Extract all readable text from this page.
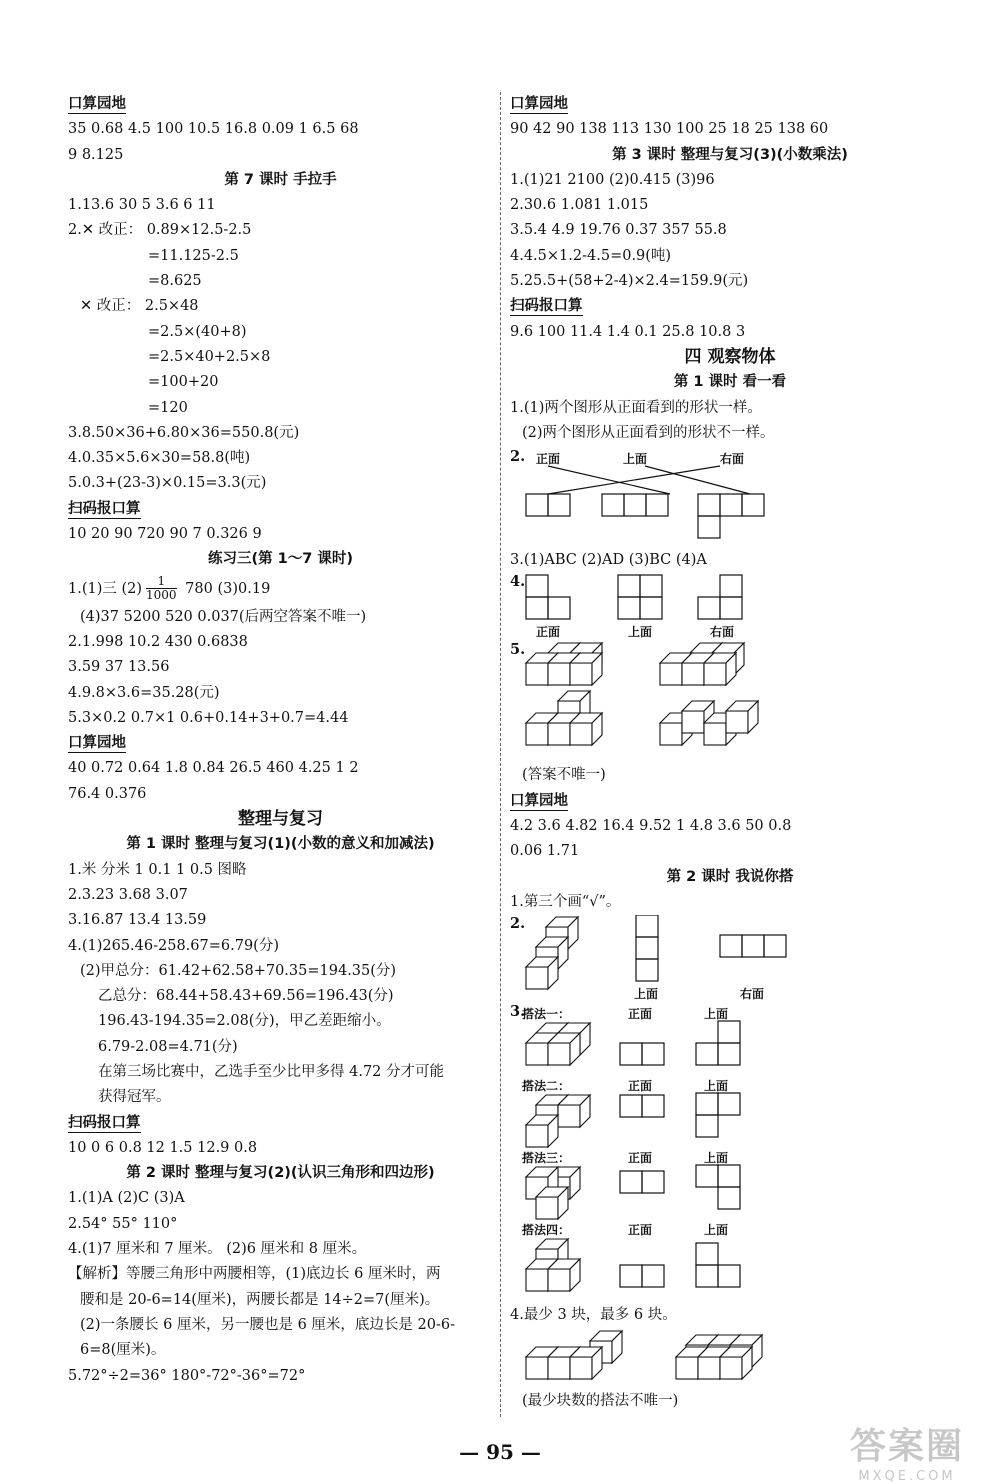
口算园地
35 0.68 4.5 100 10.5 16.8 0.09 1 6.5 68
9 8.125
第 7 课时 手拉手
1.13.6 30 5 3.6 6 11
2.✕ 改正： 0.89×12.5-2.5
=11.125-2.5
=8.625
✕ 改正： 2.5×48
=2.5×(40+8)
=2.5×40+2.5×8
=100+20
=120
3.8.50×36+6.80×36=550.8(元)
4.0.35×5.6×30=58.8(吨)
5.0.3+(23-3)×0.15=3.3(元)
扫码报口算
10 20 90 720 90 7 0.326 9
练习三(第 1～7 课时)
1.(1)三 $(2) \frac{1}{1000} 780$ (3)0.19
(4)37 5200 520 0.037(后两空答案不唯一)
2.1.998 10.2 430 0.6838
3.59 37 13.56
4.9.8×3.6=35.28(元)
5.3×0.2 0.7×1 0.6+0.14+3+0.7=4.44
口算园地
40 0.72 0.64 1.8 0.84 26.5 460 4.25 1 2
76.4 0.376
整理与复习
第 1 课时 整理与复习(1)(小数的意义和加减法)
1.米 分米 1 0.1 1 0.5 图略
2.3.23 3.68 3.07
3.16.87 13.4 13.59
4.(1)265.46-258.67=6.79(分)
(2)甲总分：61.42+62.58+70.35=194.35(分)
乙总分：68.44+58.43+69.56=196.43(分)
196.43-194.35=2.08(分)，甲乙差距缩小。
6.79-2.08=4.71(分)
在第三场比赛中，乙选手至少比甲多得 4.72 分才可能
获得冠军。
扫码报口算
10 0 6 0.8 12 1.5 12.9 0.8
第 2 课时 整理与复习(2)(认识三角形和四边形)
1.(1)A (2)C (3)A
2.54° 55° 110°
4.(1)7 厘米和 7 厘米。 (2)6 厘米和 8 厘米。
【解析】等腰三角形中两腰相等，(1)底边长 6 厘米时，两
腰和是 20-6=14(厘米)，两腰长都是 14÷2=7(厘米)。
(2)一条腰长 6 厘米，另一腰也是 6 厘米，底边长是 20-6-
6=8(厘米)。
5.72°÷2=36° 180°-72°-36°=72°
口算园地
90 42 90 138 113 130 100 25 18 25 138 60
第 3 课时 整理与复习(3)(小数乘法)
1.(1)21 2100 (2)0.415 (3)96
2.30.6 1.081 1.015
3.5.4 4.9 19.76 0.37 357 55.8
4.4.5×1.2-4.5=0.9(吨)
5.25.5+(58+2-4)×2.4=159.9(元)
扫码报口算
9.6 100 11.4 1.4 0.1 25.8 10.8 3
四 观察物体
第 1 课时 看一看
1.(1)两个图形从正面看到的形状一样。
(2)两个图形从正面看到的形状不一样。
2. 正面	上面	右面
3.(1)ABC (2)AD (3)BC (4)A
4.
正面	上面	右面
5.
(答案不唯一)
口算园地
4.2 3.6 4.82 16.4 9.52 1 4.8 3.6 50 0.8
0.06 1.71
第 2 课时 我说你搭
1.第三个画“√”。
2.
上面	右面
3.
搭法一：	正面	上面
搭法二：	正面	上面
搭法三：	正面	上面
搭法四：	正面	上面
4.最少 3 块，最多 6 块。
(最少块数的搭法不唯一)
— 95 —	答案圈
MXQE.COM
